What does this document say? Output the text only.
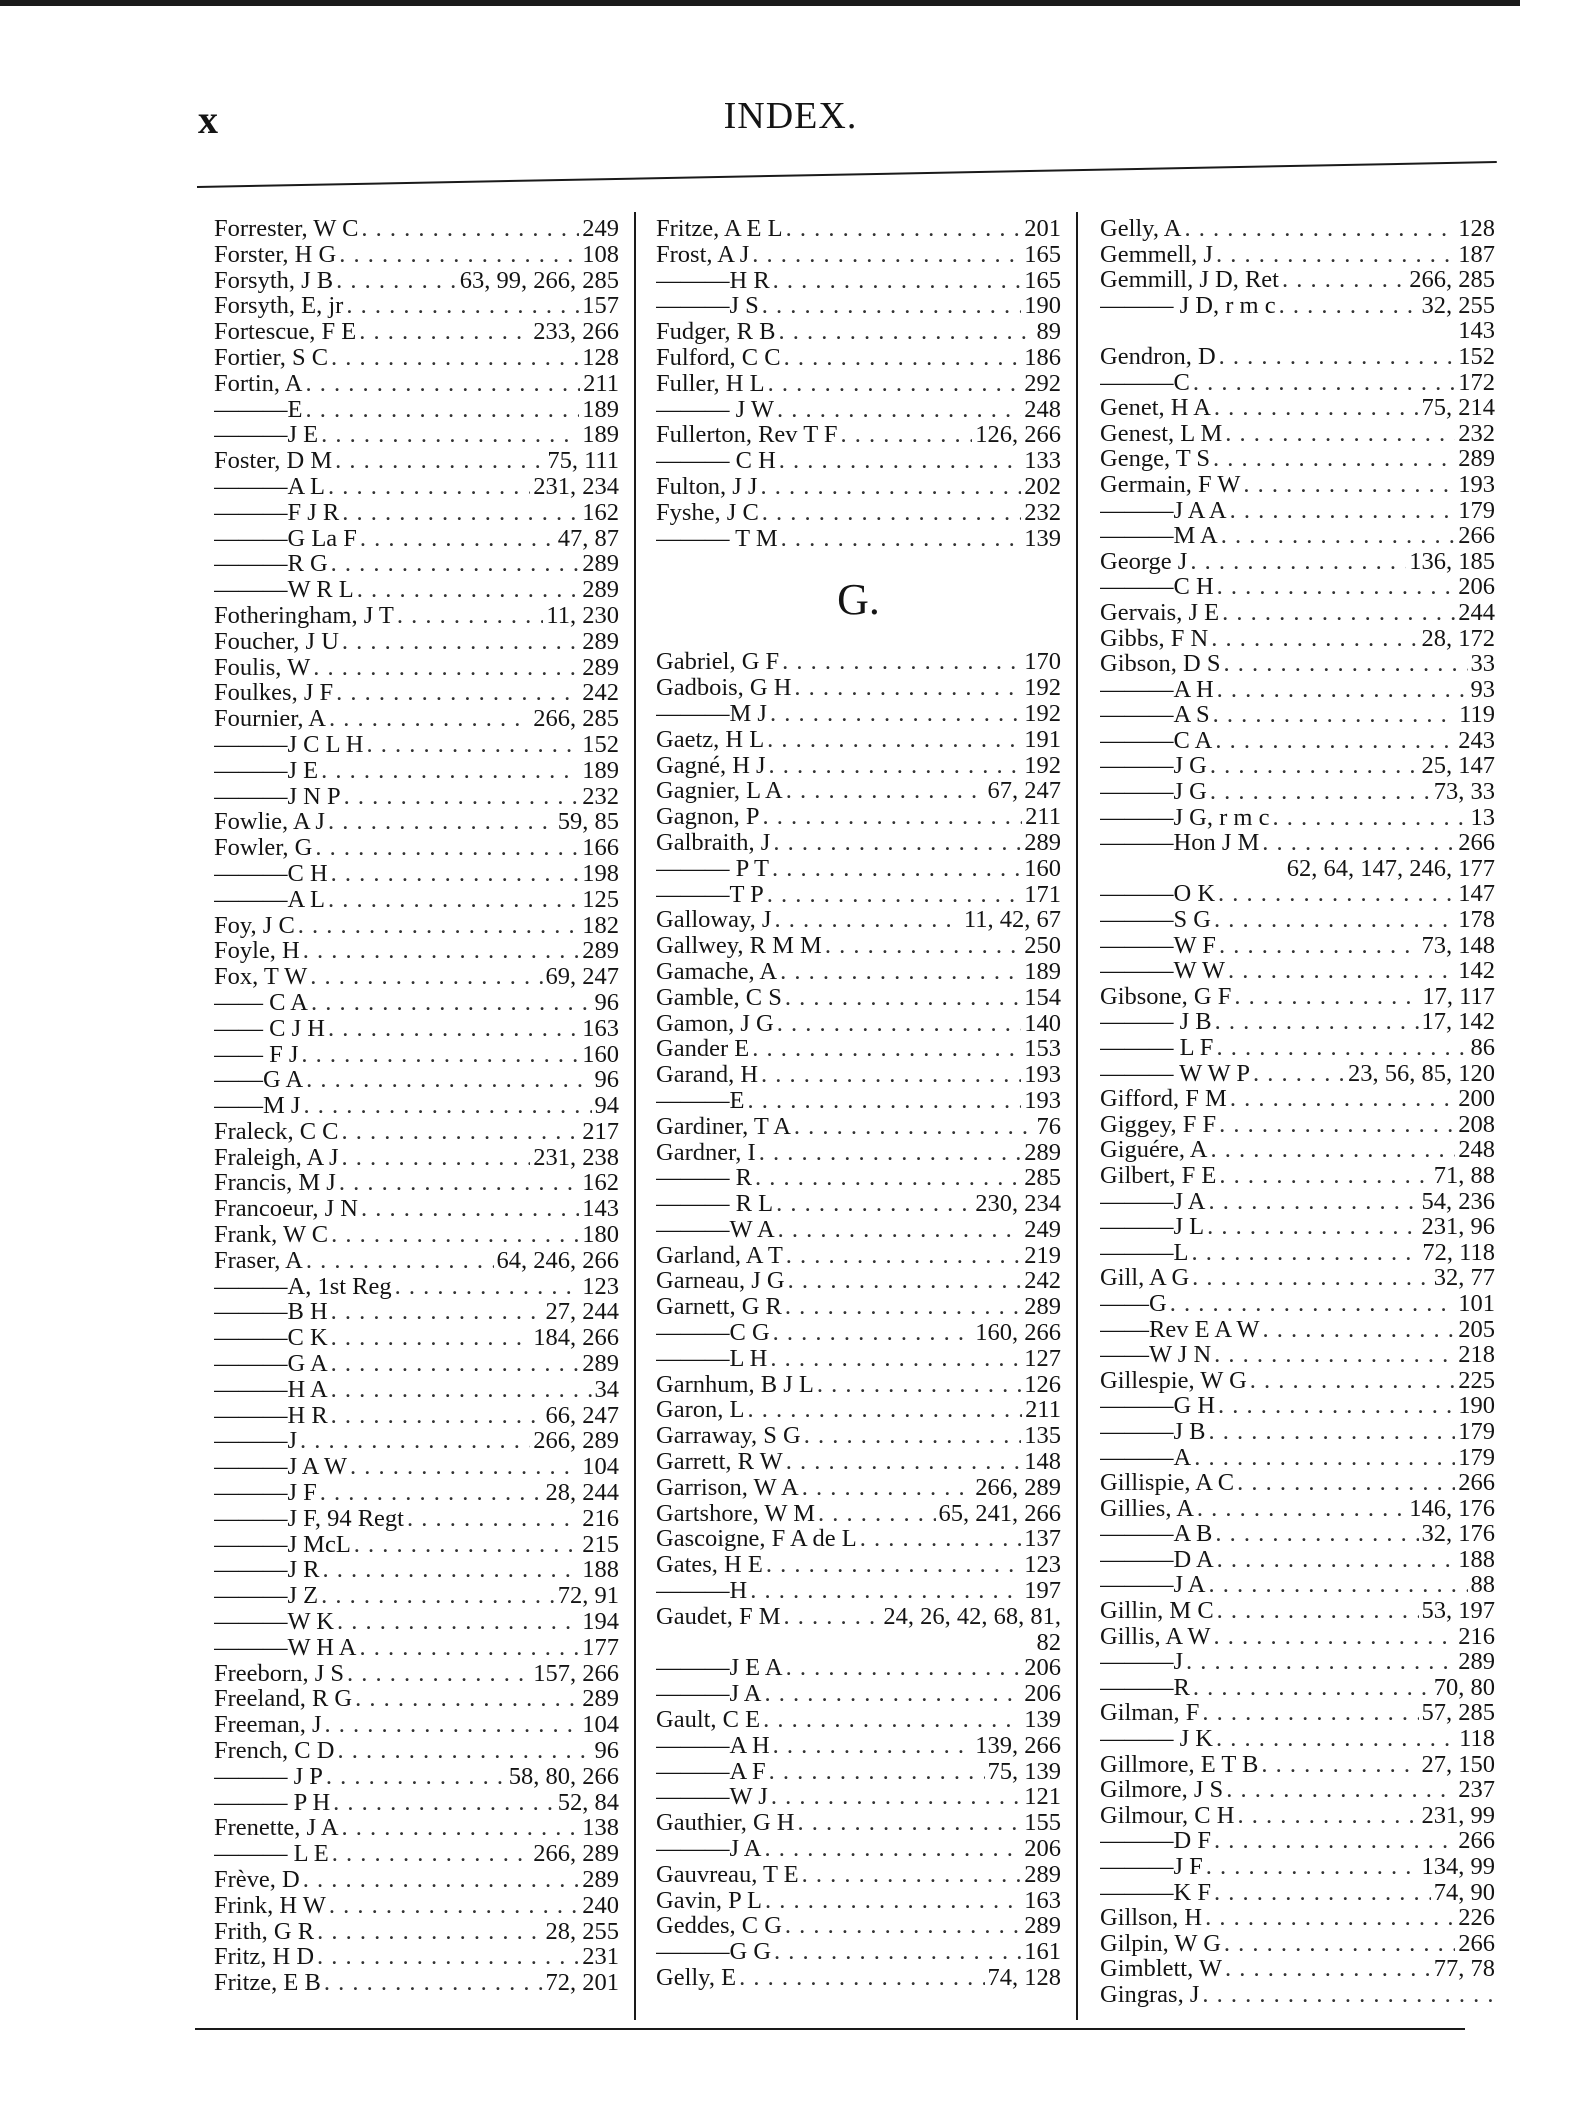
x	INDEX.
Forrester, W C . . .	249
Forster, H G . . .	108
Forsyth, J B . . .	63, 99, 266, 285
Forsyth, E, jr . . .	157
Fortescue, F E . . .	233, 266
Fortier, S C . . .	128
Fortin, A . . .	211
———E . . .	189
———J E . . .	189
Foster, D M . . .	75, 111
———A L . . .	231, 234
———F J R . . .	162
———G La F . . .	47, 87
———R G . . .	289
———W R L . . .	289
Fotheringham, J T . . .	11, 230
Foucher, J U . . .	289
Foulis, W . . .	289
Foulkes, J F . . .	242
Fournier, A . . .	266, 285
———J C L H . . .	152
———J E . . .	189
———J N P . . .	232
Fowlie, A J . . .	59, 85
Fowler, G . . .	166
———C H . . .	198
———A L . . .	125
Foy, J C . . .	182
Foyle, H . . .	289
Fox, T W . . .	69, 247
—— C A . . .	96
—— C J H . . .	163
—— F J . . .	160
——G A . . .	96
——M J . . .	94
Fraleck, C C . . .	217
Fraleigh, A J . . .	231, 238
Francis, M J . . .	162
Francoeur, J N . . .	143
Frank, W C . . .	180
Fraser, A . . .	64, 246, 266
———A, 1st Reg . . .	123
———B H . . .	27, 244
———C K . . .	184, 266
———G A . . .	289
———H A . . .	34
———H R . . .	66, 247
———J . . .	266, 289
———J A W . . .	104
———J F . . .	28, 244
———J F, 94 Regt . . .	216
———J McL . . .	215
———J R . . .	188
———J Z . . .	72, 91
———W K . . .	194
———W H A . . .	177
Freeborn, J S . . .	157, 266
Freeland, R G . . .	289
Freeman, J . . .	104
French, C D . . .	96
——— J P . . .	58, 80, 266
——— P H . . .	52, 84
Frenette, J A . . .	138
——— L E . . .	266, 289
Frève, D . . .	289
Frink, H W . . .	240
Frith, G R . . .	28, 255
Fritz, H D . . .	231
Fritze, E B . . .	72, 201
Fritze, A E L . . .	201
Frost, A J . . .	165
———H R . . .	165
———J S . . .	190
Fudger, R B . . .	89
Fulford, C C . . .	186
Fuller, H L . . .	292
——— J W . . .	248
Fullerton, Rev T F . . .	126, 266
——— C H . . .	133
Fulton, J J . . .	202
Fyshe, J C . . .	232
——— T M . . .	139
G.
Gabriel, G F . . .	170
Gadbois, G H . . .	192
———M J . . .	192
Gaetz, H L . . .	191
Gagné, H J . . .	192
Gagnier, L A . . .	67, 247
Gagnon, P . . .	211
Galbraith, J . . .	289
——— P T . . .	160
———T P . . .	171
Galloway, J . . .	11, 42, 67
Gallwey, R M M . . .	250
Gamache, A . . .	189
Gamble, C S . . .	154
Gamon, J G . . .	140
Gander E . . .	153
Garand, H . . .	193
———E . . .	193
Gardiner, T A . . .	76
Gardner, I . . .	289
——— R . . .	285
——— R L . . .	230, 234
———W A . . .	249
Garland, A T . . .	219
Garneau, J G . . .	242
Garnett, G R . . .	289
———C G . . .	160, 266
———L H . . .	127
Garnhum, B J L . . .	126
Garon, L . . .	211
Garraway, S G . . .	135
Garrett, R W . . .	148
Garrison, W A . . .	266, 289
Gartshore, W M . . .	65, 241, 266
Gascoigne, F A de L . . .	137
Gates, H E . . .	123
———H . . .	197
Gaudet, F M . . .	24, 26, 42, 68, 81,
82
———J E A . . .	206
———J A . . .	206
Gault, C E . . .	139
———A H . . .	139, 266
———A F . . .	75, 139
———W J . . .	121
Gauthier, G H . . .	155
———J A . . .	206
Gauvreau, T E . . .	289
Gavin, P L . . .	163
Geddes, C G . . .	289
———G G . . .	161
Gelly, E . . .	74, 128
Gelly, A . . .	128
Gemmell, J . . .	187
Gemmill, J D, Ret . . .	266, 285
——— J D, r m c . . .	32, 255
143
Gendron, D . . .	152
———C . . .	172
Genet, H A . . .	75, 214
Genest, L M . . .	232
Genge, T S . . .	289
Germain, F W . . .	193
———J A A . . .	179
———M A . . .	266
George J . . .	136, 185
———C H . . .	206
Gervais, J E . . .	244
Gibbs, F N . . .	28, 172
Gibson, D S . . .	33
———A H . . .	93
———A S . . .	119
———C A . . .	243
———J G . . .	25, 147
———J G . . .	73, 33
———J G, r m c . . .	13
———Hon J M . . .	266
62, 64, 147, 246, 177
———O K . . .	147
———S G . . .	178
———W F . . .	73, 148
———W W . . .	142
Gibsone, G F . . .	17, 117
——— J B . . .	17, 142
——— L F . . .	86
——— W W P . . .	23, 56, 85, 120
Gifford, F M . . .	200
Giggey, F F . . .	208
Giguére, A . . .	248
Gilbert, F E . . .	71, 88
———J A . . .	54, 236
———J L . . .	231, 96
———L . . .	72, 118
Gill, A G . . .	32, 77
——G . . .	101
——Rev E A W . . .	205
——W J N . . .	218
Gillespie, W G . . .	225
———G H . . .	190
———J B . . .	179
———A . . .	179
Gillispie, A C . . .	266
Gillies, A . . .	146, 176
———A B . . .	32, 176
———D A . . .	188
———J A . . .	88
Gillin, M C . . .	53, 197
Gillis, A W . . .	216
———J . . .	289
———R . . .	70, 80
Gilman, F . . .	57, 285
——— J K . . .	118
Gillmore, E T B . . .	27, 150
Gilmore, J S . . .	237
Gilmour, C H . . .	231, 99
———D F . . .	266
———J F . . .	134, 99
———K F . . .	74, 90
Gillson, H . . .	226
Gilpin, W G . . .	266
Gimblett, W . . .	77, 78
Gingras, J
. . .
